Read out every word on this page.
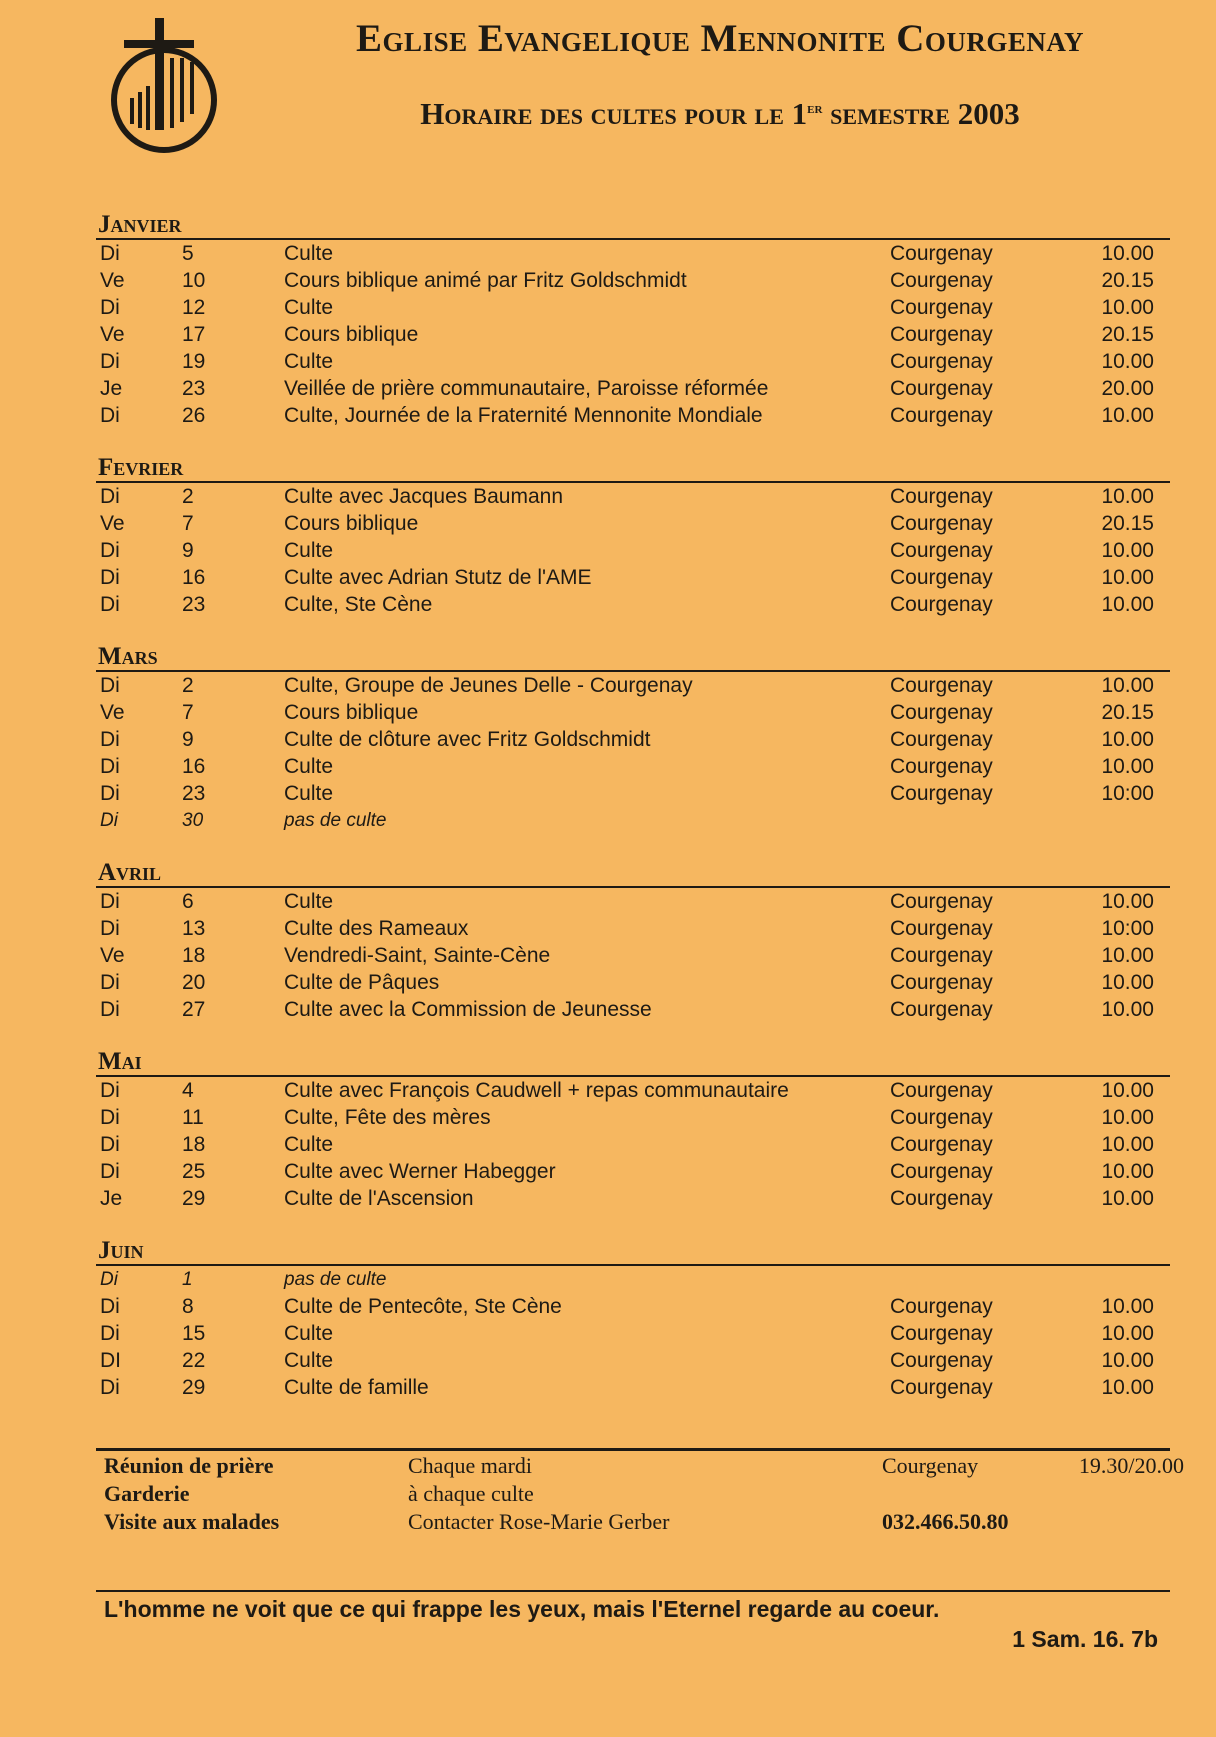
Eglise Evangelique Mennonite Courgenay
Horaire des cultes pour le 1er semestre 2003
Janvier
Di	5	Culte	Courgenay	10.00
Ve	10	Cours biblique animé par Fritz Goldschmidt	Courgenay	20.15
Di	12	Culte	Courgenay	10.00
Ve	17	Cours biblique	Courgenay	20.15
Di	19	Culte	Courgenay	10.00
Je	23	Veillée de prière communautaire, Paroisse réformée	Courgenay	20.00
Di	26	Culte, Journée de la Fraternité Mennonite Mondiale	Courgenay	10.00
Fevrier
Di	2	Culte avec Jacques Baumann	Courgenay	10.00
Ve	7	Cours biblique	Courgenay	20.15
Di	9	Culte	Courgenay	10.00
Di	16	Culte avec Adrian Stutz de l'AME	Courgenay	10.00
Di	23	Culte, Ste Cène	Courgenay	10.00
Mars
Di	2	Culte, Groupe de Jeunes Delle - Courgenay	Courgenay	10.00
Ve	7	Cours biblique	Courgenay	20.15
Di	9	Culte de clôture avec Fritz Goldschmidt	Courgenay	10.00
Di	16	Culte	Courgenay	10.00
Di	23	Culte	Courgenay	10:00
Di	30	pas de culte
Avril
Di	6	Culte	Courgenay	10.00
Di	13	Culte des Rameaux	Courgenay	10:00
Ve	18	Vendredi-Saint, Sainte-Cène	Courgenay	10.00
Di	20	Culte de Pâques	Courgenay	10.00
Di	27	Culte avec la Commission de Jeunesse	Courgenay	10.00
Mai
Di	4	Culte avec François Caudwell + repas communautaire	Courgenay	10.00
Di	11	Culte, Fête des mères	Courgenay	10.00
Di	18	Culte	Courgenay	10.00
Di	25	Culte avec Werner Habegger	Courgenay	10.00
Je	29	Culte de l'Ascension	Courgenay	10.00
Juin
Di	1	pas de culte
Di	8	Culte de Pentecôte, Ste Cène	Courgenay	10.00
Di	15	Culte	Courgenay	10.00
DI	22	Culte	Courgenay	10.00
Di	29	Culte de famille	Courgenay	10.00
Réunion de prière	Chaque mardi	Courgenay	19.30/20.00
Garderie	à chaque culte
Visite aux malades	Contacter Rose-Marie Gerber	032.466.50.80
L'homme ne voit que ce qui frappe les yeux, mais l'Eternel regarde au coeur.
1 Sam. 16. 7b
